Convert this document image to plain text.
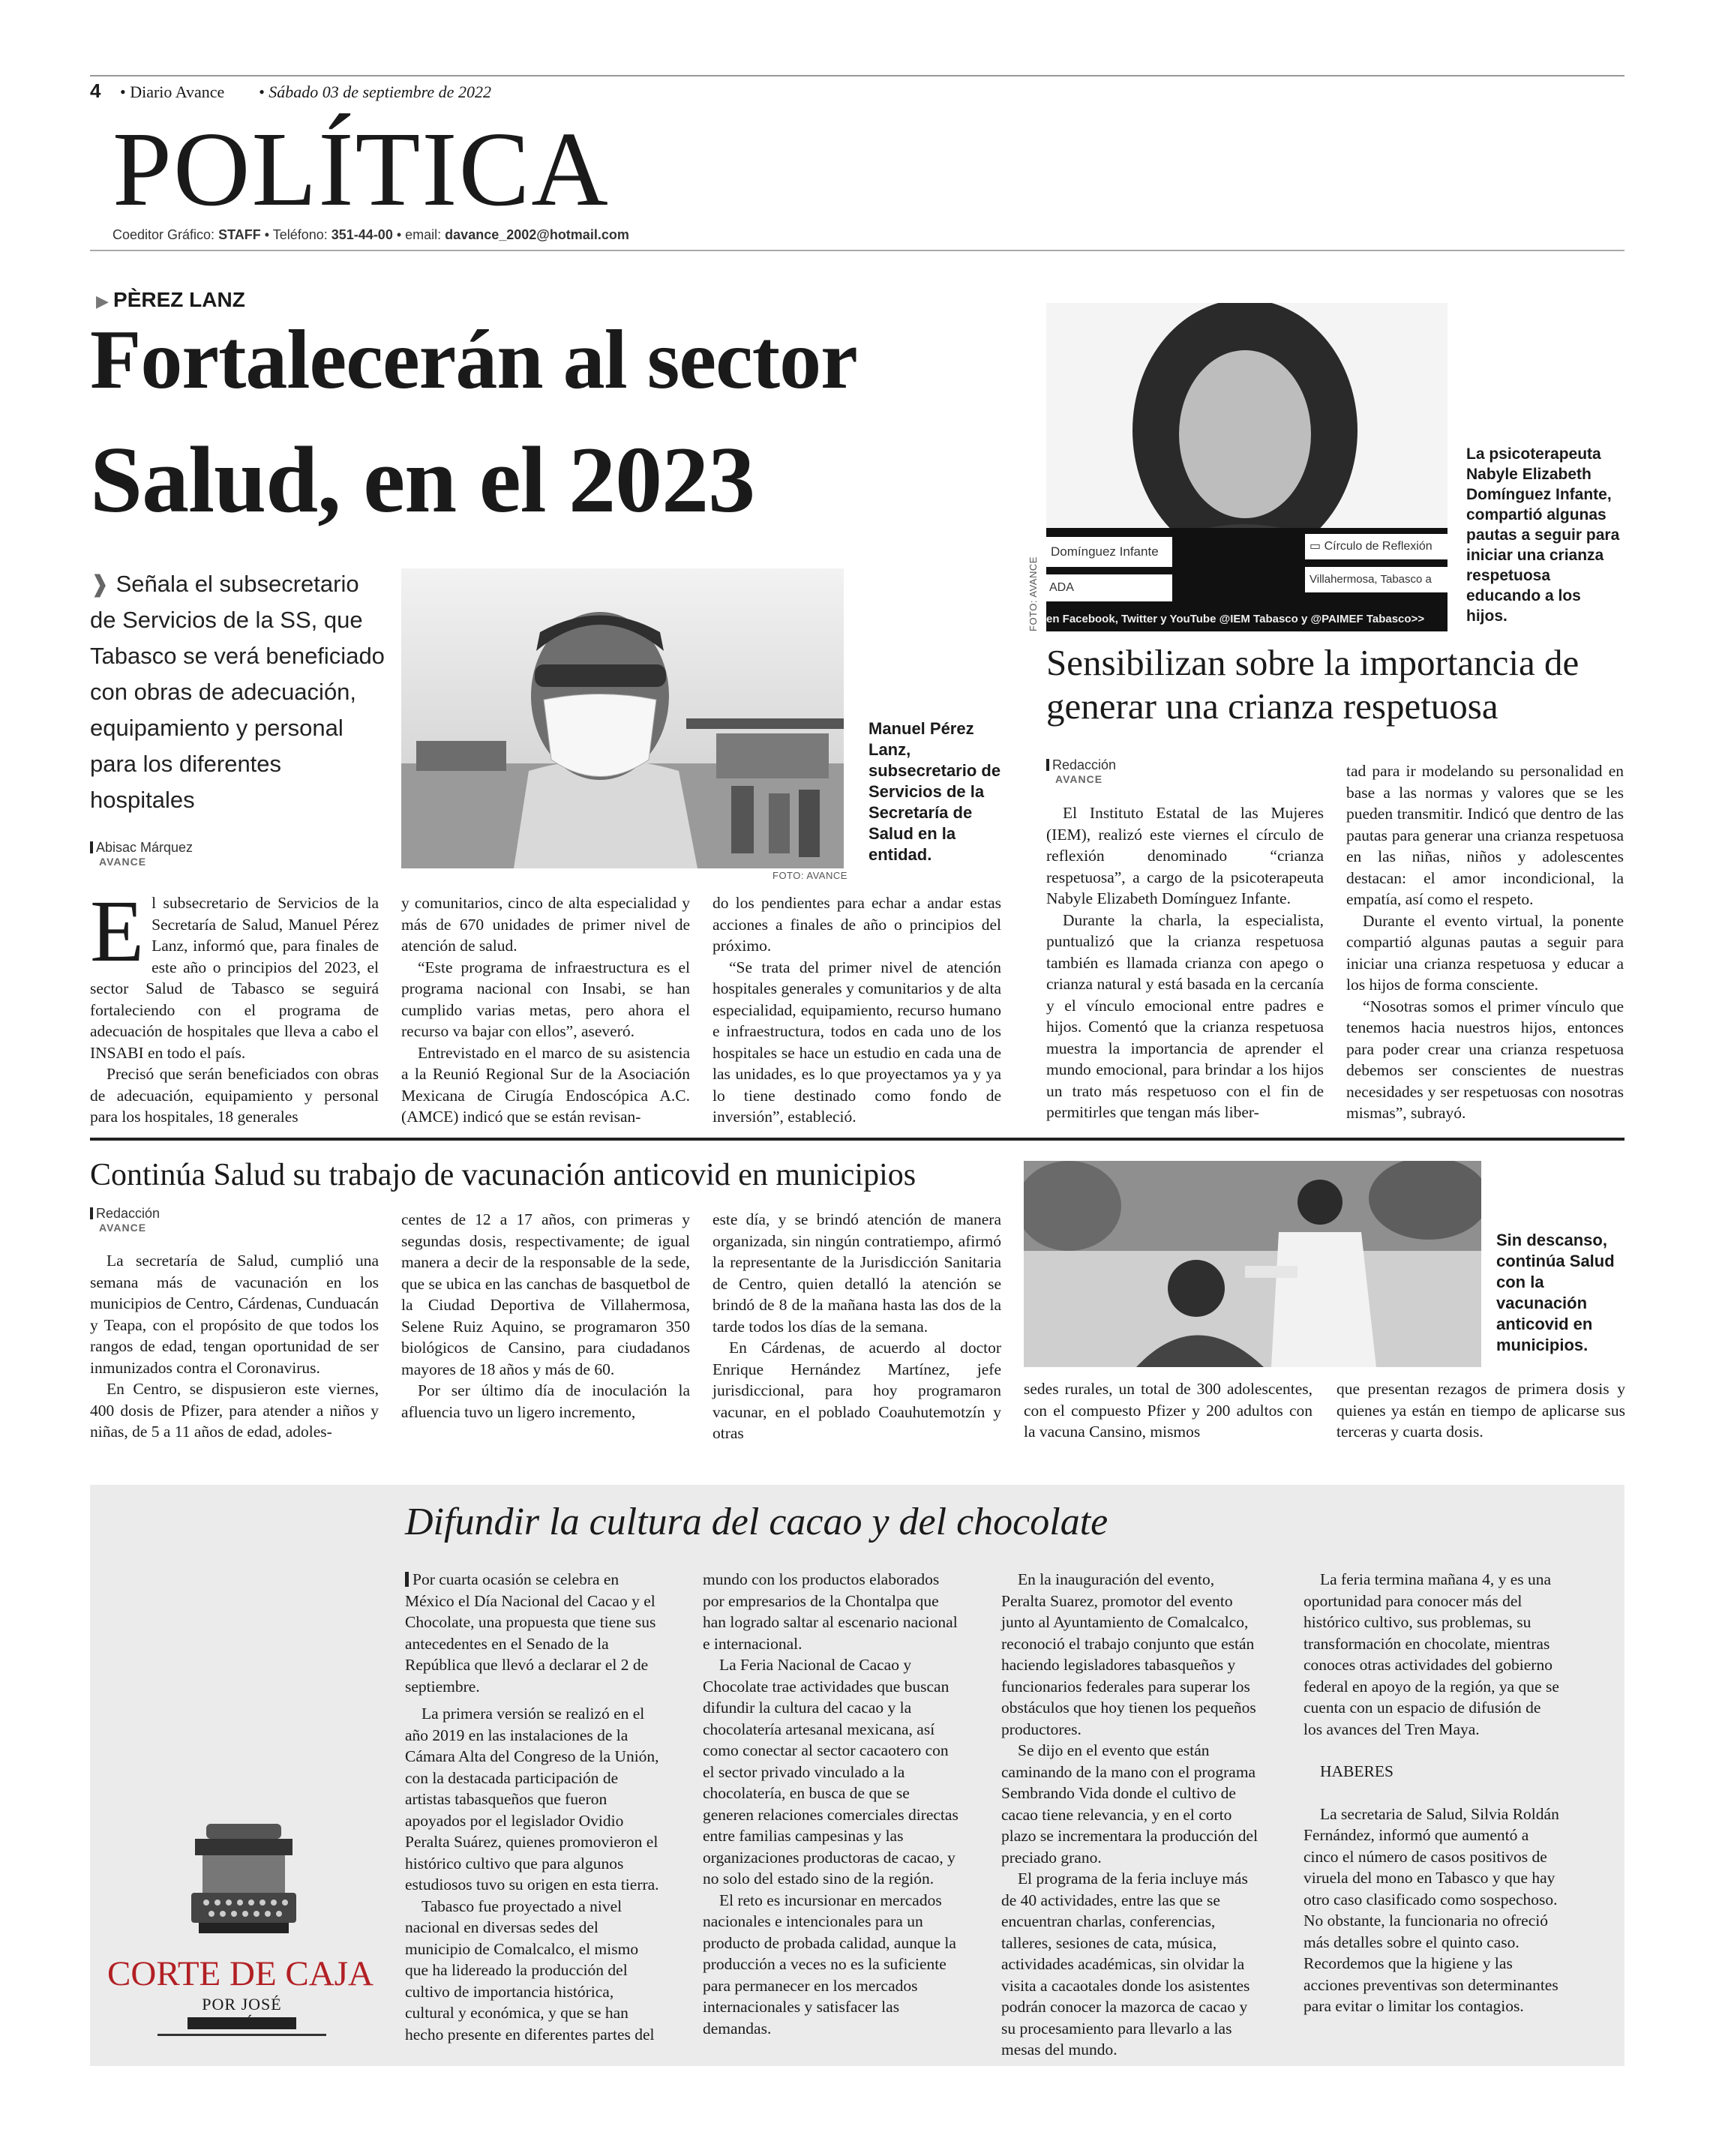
4 • Diario Avance • Sábado 03 de septiembre de 2022
POLÍTICA
Coeditor Gráfico: STAFF • Teléfono: 351-44-00 • email: davance_2002@hotmail.com
▶ PÈREZ LANZ
Fortalecerán al sector
Salud, en el 2023
❱ Señala el subsecretario de Servicios de la SS, que Tabasco se verá beneficiado con obras de adecuación, equipamiento y personal para los diferentes hospitales
Abisac Márquez
AVANCE
FOTO: AVANCE
Manuel Pérez Lanz, subsecretario de Servicios de la Secretaría de Salud en la entidad.

El subsecretario de Servicios de la Secretaría de Salud, Manuel Pérez Lanz, informó que, para finales de este año o principios del 2023, el sector Salud de Tabasco se seguirá fortaleciendo con el programa de adecuación de hospitales que lleva a cabo el INSABI en todo el país.

Precisó que serán beneficiados con obras de adecuación, equipamiento y personal para los hospitales, 18 generales

y comunitarios, cinco de alta especialidad y más de 670 unidades de primer nivel de atención de salud.

“Este programa de infraestructura es el programa nacional con Insabi, se han cumplido varias metas, pero ahora el recurso va bajar con ellos”, aseveró.

Entrevistado en el marco de su asistencia a la Reunió Regional Sur de la Asociación Mexicana de Cirugía Endoscópica A.C. (AMCE) indicó que se están revisan-

do los pendientes para echar a andar estas acciones a finales de año o principios del próximo.

“Se trata del primer nivel de atención hospitales generales y comunitarios y de alta especialidad, equipamiento, recurso humano e infraestructura, todos en cada uno de los hospitales se hace un estudio en cada una de las unidades, es lo que proyectamos ya y ya lo tiene destinado como fondo de inversión”, estableció.

Domínguez Infante
ADA
▭ Círculo de Reflexión
Villahermosa, Tabasco a
en Facebook, Twitter y YouTube @IEM Tabasco y @PAIMEF Tabasco>>
FOTO: AVANCE
La psicoterapeuta Nabyle Elizabeth Domínguez Infante, compartió algunas pautas a seguir para iniciar una crianza respetuosa educando a los hijos.
Sensibilizan sobre la importancia de generar una crianza respetuosa
Redacción
AVANCE

El Instituto Estatal de las Mujeres (IEM), realizó este viernes el círculo de reflexión denominado “crianza respetuosa”, a cargo de la psicoterapeuta Nabyle Elizabeth Domínguez Infante.

Durante la charla, la especialista, puntualizó que la crianza respetuosa también es llamada crianza con apego o crianza natural y está basada en la cercanía y el vínculo emocional entre padres e hijos. Comentó que la crianza respetuosa muestra la importancia de aprender el mundo emocional, para brindar a los hijos un trato más respetuoso con el fin de permitirles que tengan más liber-

tad para ir modelando su personalidad en base a las normas y valores que se les pueden transmitir. Indicó que dentro de las pautas para generar una crianza respetuosa en las niñas, niños y adolescentes destacan: el amor incondicional, la empatía, así como el respeto.

Durante el evento virtual, la ponente compartió algunas pautas a seguir para iniciar una crianza respetuosa y educar a los hijos de forma consciente.

“Nosotras somos el primer vínculo que tenemos hacia nuestros hijos, entonces para poder crear una crianza respetuosa debemos ser conscientes de nuestras necesidades y ser respetuosas con nosotras mismas”, subrayó.

Continúa Salud su trabajo de vacunación anticovid en municipios
Redacción
AVANCE

La secretaría de Salud, cumplió una semana más de vacunación en los municipios de Centro, Cárdenas, Cunduacán y Teapa, con el propósito de que todos los rangos de edad, tengan oportunidad de ser inmunizados contra el Coronavirus.

En Centro, se dispusieron este viernes, 400 dosis de Pfizer, para atender a niños y niñas, de 5 a 11 años de edad, adoles-

centes de 12 a 17 años, con primeras y segundas dosis, respectivamente; de igual manera a decir de la responsable de la sede, que se ubica en las canchas de basquetbol de la Ciudad Deportiva de Villahermosa, Selene Ruiz Aquino, se programaron 350 biológicos de Cansino, para ciudadanos mayores de 18 años y más de 60.

Por ser último día de inoculación la afluencia tuvo un ligero incremento,

este día, y se brindó atención de manera organizada, sin ningún contratiempo, afirmó la representante de la Jurisdicción Sanitaria de Centro, quien detalló la atención se brindó de 8 de la mañana hasta las dos de la tarde todos los días de la semana.

En Cárdenas, de acuerdo al doctor Enrique Hernández Martínez, jefe jurisdiccional, para hoy programaron vacunar, en el poblado Coauhutemotzín y otras

Sin descanso, continúa Salud con la vacunación anticovid en municipios.

sedes rurales, un total de 300 adolescentes, con el compuesto Pfizer y 200 adultos con la vacuna Cansino, mismos

que presentan rezagos de primera dosis y quienes ya están en tiempo de aplicarse sus terceras y cuarta dosis.

Difundir la cultura del cacao y del chocolate
CORTE DE CAJA
POR JOSÉ

Por cuarta ocasión se celebra en México el Día Nacional del Cacao y el Chocolate, una propuesta que tiene sus antecedentes en el Senado de la República que llevó a declarar el 2 de septiembre.

La primera versión se realizó en el año 2019 en las instalaciones de la Cámara Alta del Congreso de la Unión, con la destacada participación de artistas tabasqueños que fueron apoyados por el legislador Ovidio Peralta Suárez, quienes promovieron el histórico cultivo que para algunos estudiosos tuvo su origen en esta tierra.

Tabasco fue proyectado a nivel nacional en diversas sedes del municipio de Comalcalco, el mismo que ha lidereado la producción del cultivo de importancia histórica, cultural y económica, y que se han hecho presente en diferentes partes del

mundo con los productos elaborados por empresarios de la Chontalpa que han logrado saltar al escenario nacional e internacional.

La Feria Nacional de Cacao y Chocolate trae actividades que buscan difundir la cultura del cacao y la chocolatería artesanal mexicana, así como conectar al sector cacaotero con el sector privado vinculado a la chocolatería, en busca de que se generen relaciones comerciales directas entre familias campesinas y las organizaciones productoras de cacao, y no solo del estado sino de la región.

El reto es incursionar en mercados nacionales e intencionales para un producto de probada calidad, aunque la producción a veces no es la suficiente para permanecer en los mercados internacionales y satisfacer las demandas.

En la inauguración del evento, Peralta Suarez, promotor del evento junto al Ayuntamiento de Comalcalco, reconoció el trabajo conjunto que están haciendo legisladores tabasqueños y funcionarios federales para superar los obstáculos que hoy tienen los pequeños productores.

Se dijo en el evento que están caminando de la mano con el programa Sembrando Vida donde el cultivo de cacao tiene relevancia, y en el corto plazo se incrementara la producción del preciado grano.

El programa de la feria incluye más de 40 actividades, entre las que se encuentran charlas, conferencias, talleres, sesiones de cata, música, actividades académicas, sin olvidar la visita a cacaotales donde los asistentes podrán conocer la mazorca de cacao y su procesamiento para llevarlo a las mesas del mundo.

La feria termina mañana 4, y es una oportunidad para conocer más del histórico cultivo, sus problemas, su transformación en chocolate, mientras conoces otras actividades del gobierno federal en apoyo de la región, ya que se cuenta con un espacio de difusión de los avances del Tren Maya.

HABERES

La secretaria de Salud, Silvia Roldán Fernández, informó que aumentó a cinco el número de casos positivos de viruela del mono en Tabasco y que hay otro caso clasificado como sospechoso. No obstante, la funcionaria no ofreció más detalles sobre el quinto caso. Recordemos que la higiene y las acciones preventivas son determinantes para evitar o limitar los contagios.
